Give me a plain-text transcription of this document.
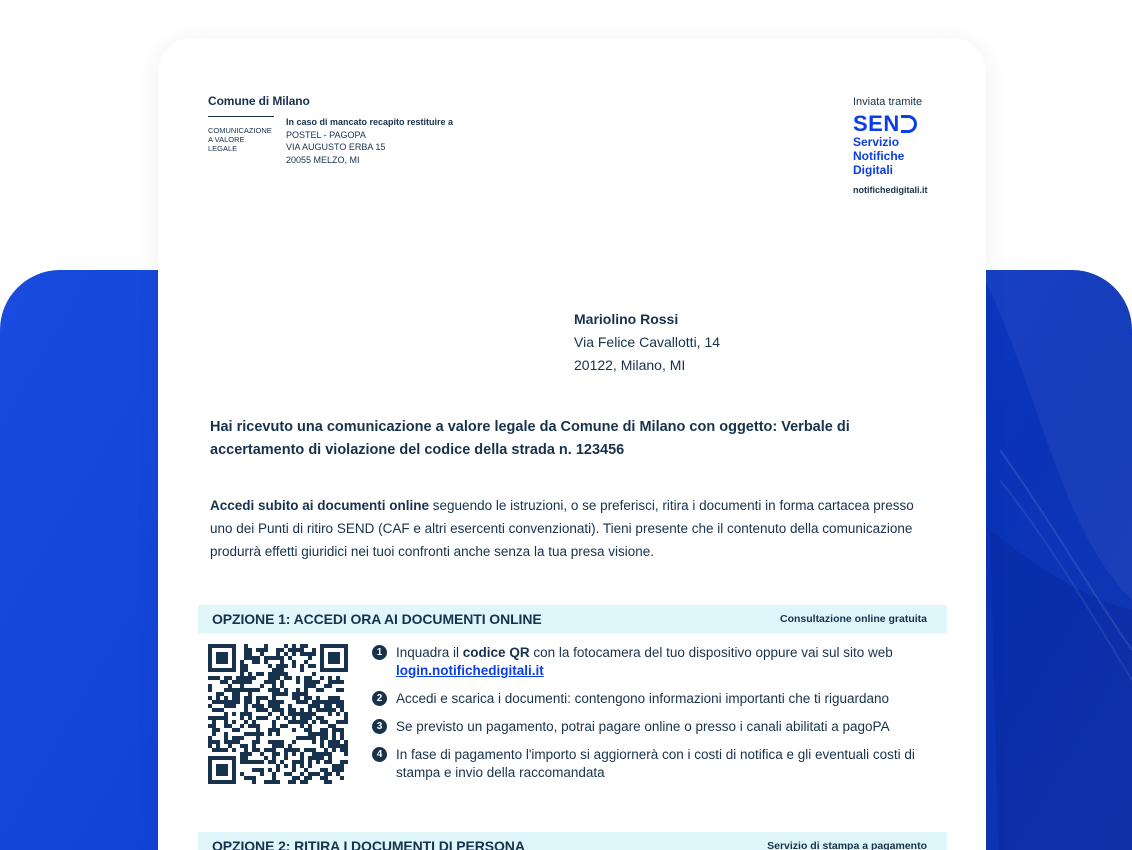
Comune di Milano
COMUNICAZIONE
A VALORE
LEGALE
In caso di mancato recapito restituire a
POSTEL - PAGOPA
VIA AUGUSTO ERBA 15
20055 MELZO, MI
Inviata tramite
SEN
Servizio
Notifiche
Digitali
notifichedigitali.it
Mariolino Rossi
Via Felice Cavallotti, 14
20122, Milano, MI
Hai ricevuto una comunicazione a valore legale da Comune di Milano con oggetto: Verbale di accertamento di violazione del codice della strada n. 123456

Accedi subito ai documenti online seguendo le istruzioni, o se preferisci, ritira i documenti in forma cartacea presso uno dei Punti di ritiro SEND (CAF e altri esercenti convenzionati). Tieni presente che il contenuto della comunicazione produrrà effetti giuridici nei tuoi confronti anche senza la tua presa visione.

OPZIONE 1: ACCEDI ORA AI DOCUMENTI ONLINE	Consultazione online gratuita
1	Inquadra il codice QR con la fotocamera del tuo dispositivo oppure vai sul sito web
login.notifichedigitali.it
2	Accedi e scarica i documenti: contengono informazioni importanti che ti riguardano
3	Se previsto un pagamento, potrai pagare online o presso i canali abilitati a pagoPA
4	In fase di pagamento l'importo si aggiornerà con i costi di notifica e gli eventuali costi di stampa e invio della raccomandata
OPZIONE 2: RITIRA I DOCUMENTI DI PERSONA	Servizio di stampa a pagamento
